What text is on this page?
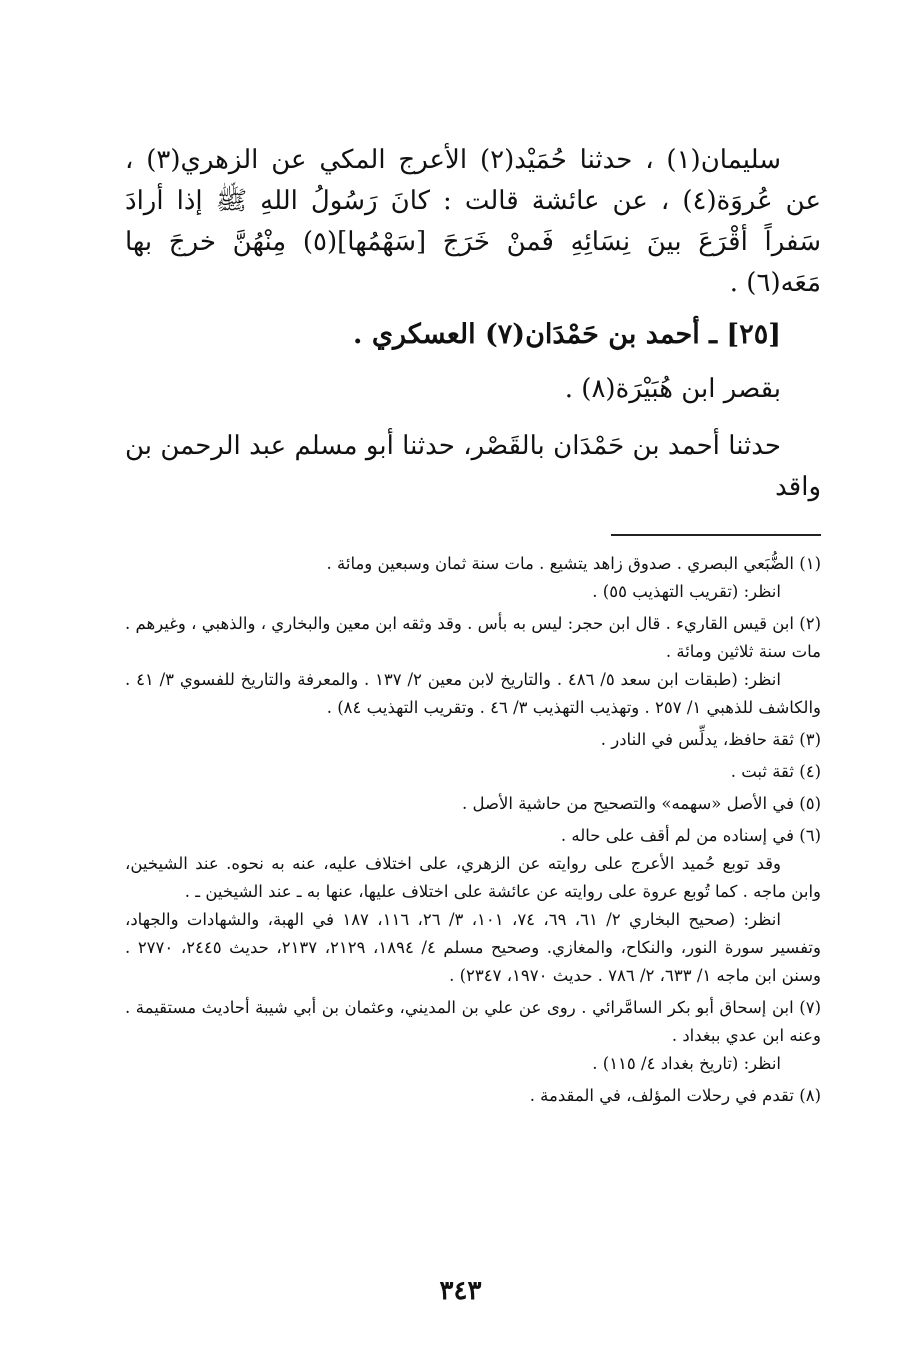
سليمان(١) ، حدثنا حُمَيْد(٢) الأعرج المكي عن الزهري(٣) ، عن عُروَة(٤) ، عن عائشة قالت : كانَ رَسُولُ اللهِ ﷺ إذا أرادَ سَفراً أقْرَعَ بينَ نِسَائِهِ فَمنْ خَرَجَ [سَهْمُها](٥) مِنْهُنَّ خرجَ بها مَعَه(٦) .

[٢٥] ـ أحمد بن حَمْدَان(٧) العسكري .

بقصر ابن هُبَيْرَة(٨) .

حدثنا أحمد بن حَمْدَان بالقَصْر، حدثنا أبو مسلم عبد الرحمن بن واقد

(١) الضُّبَعي البصري . صدوق زاهد يتشيع . مات سنة ثمان وسبعين ومائة .

انظر: (تقريب التهذيب ٥٥) .

(٢) ابن قيس القاريء . قال ابن حجر: ليس به بأس . وقد وثقه ابن معين والبخاري ، والذهبي ، وغيرهم . مات سنة ثلاثين ومائة .

انظر: (طبقات ابن سعد ٥/ ٤٨٦ . والتاريخ لابن معين ٢/ ١٣٧ . والمعرفة والتاريخ للفسوي ٣/ ٤١ . والكاشف للذهبي ١/ ٢٥٧ . وتهذيب التهذيب ٣/ ٤٦ . وتقريب التهذيب ٨٤) .

(٣) ثقة حافظ، يدلِّس في النادر .

(٤) ثقة ثبت .

(٥) في الأصل «سهمه» والتصحيح من حاشية الأصل .

(٦) في إسناده من لم أقف على حاله .

وقد توبع حُميد الأعرج على روايته عن الزهري، على اختلاف عليه، عنه به نحوه. عند الشيخين، وابن ماجه . كما تُوبع عروة على روايته عن عائشة على اختلاف عليها، عنها به ـ عند الشيخين ـ .

انظر: (صحيح البخاري ٢/ ٦١، ٦٩، ٧٤، ١٠١، ٣/ ٢٦، ١١٦، ١٨٧ في الهبة، والشهادات والجهاد، وتفسير سورة النور، والنكاح، والمغازي. وصحيح مسلم ٤/ ١٨٩٤، ٢١٢٩، ٢١٣٧، حديث ٢٤٤٥، ٢٧٧٠ . وسنن ابن ماجه ١/ ٦٣٣، ٢/ ٧٨٦ . حديث ١٩٧٠، ٢٣٤٧) .

(٧) ابن إسحاق أبو بكر السامَّرائي . روى عن علي بن المديني، وعثمان بن أبي شيبة أحاديث مستقيمة . وعنه ابن عدي ببغداد .

انظر: (تاريخ بغداد ٤/ ١١٥) .

(٨) تقدم في رحلات المؤلف، في المقدمة .

٣٤٣
